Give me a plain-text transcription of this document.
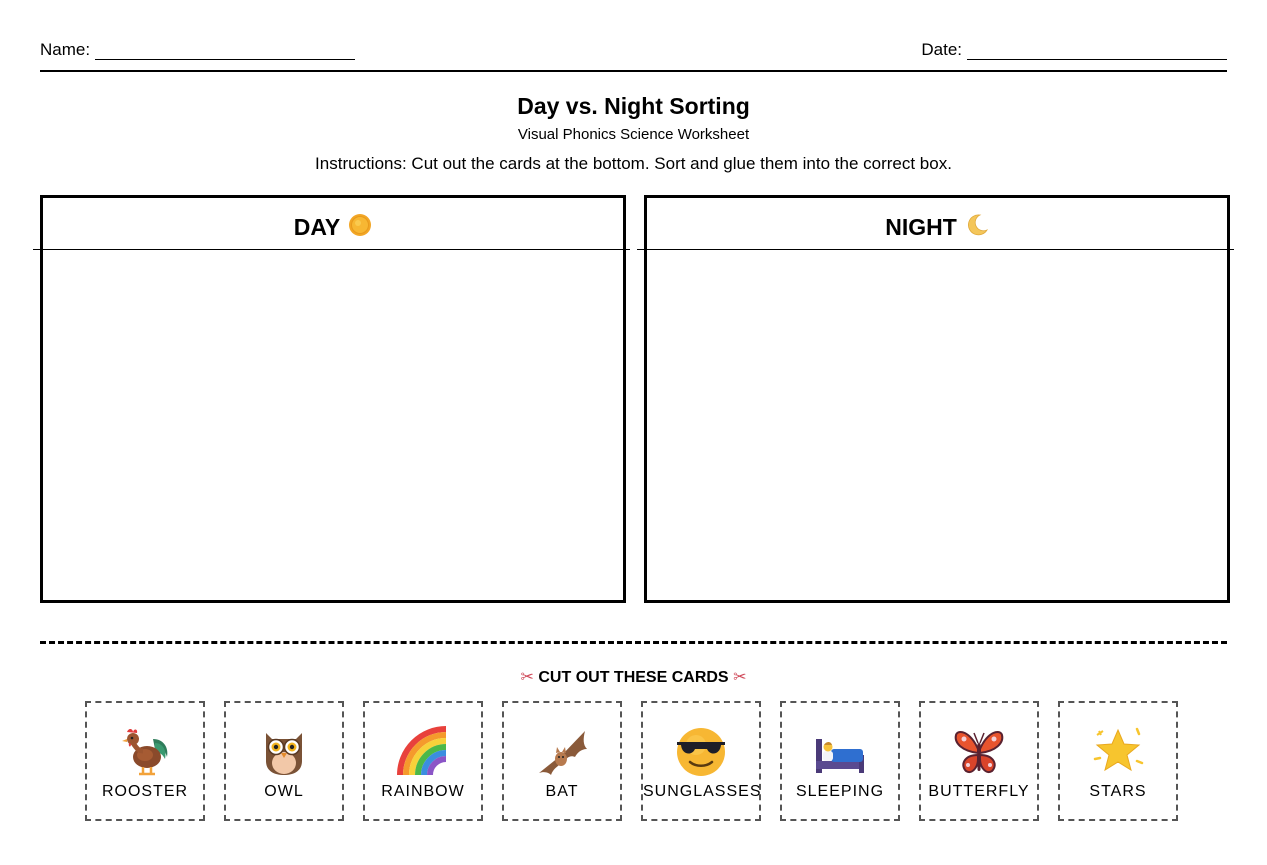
Name:	Date:
Day vs. Night Sorting
Visual Phonics Science Worksheet
Instructions: Cut out the cards at the bottom. Sort and glue them into the correct box.
DAY	NIGHT
✂ CUT OUT THESE CARDS ✂
ROOSTER	OWL	RAINBOW	BAT	SUNGLASSES	SLEEPING	BUTTERFLY	STARS
